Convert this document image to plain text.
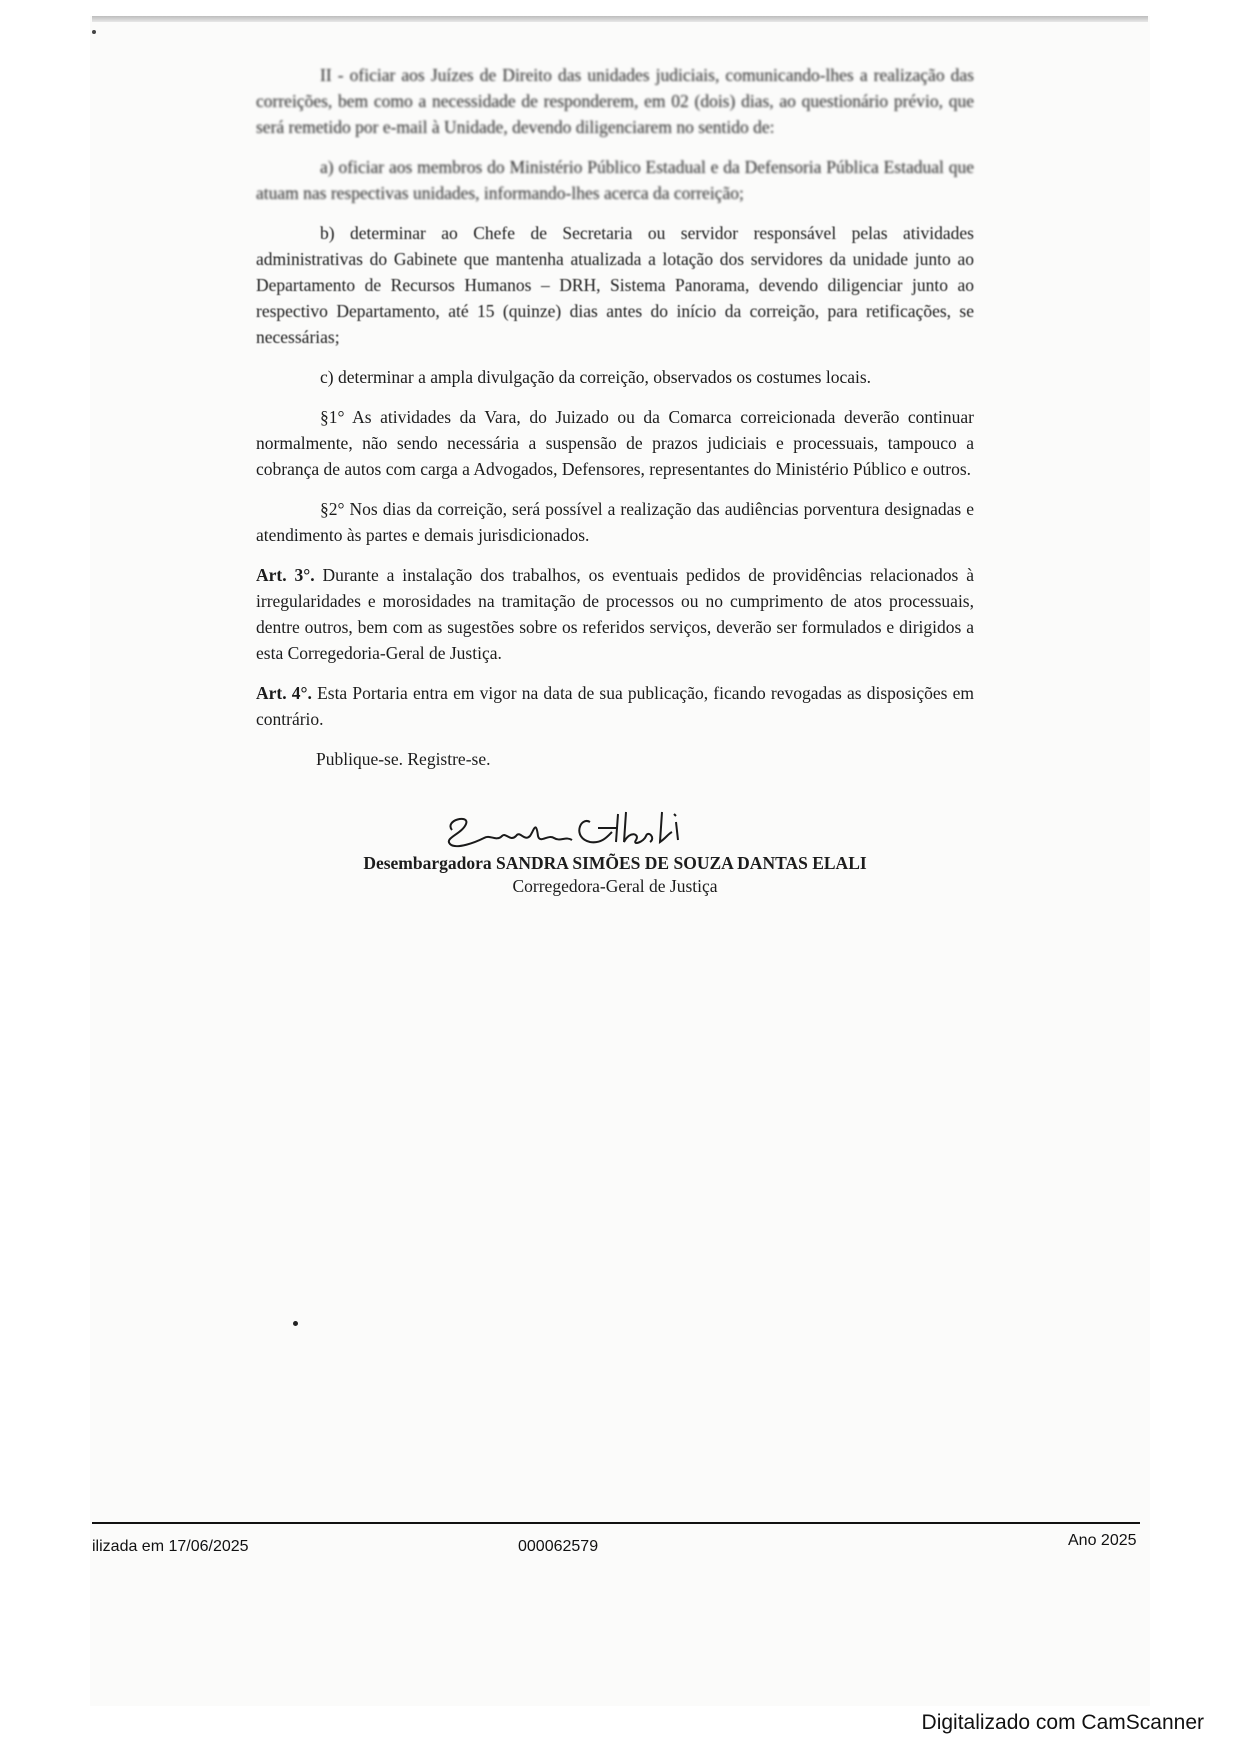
II - oficiar aos Juízes de Direito das unidades judiciais, comunicando-lhes a realização das correições, bem como a necessidade de responderem, em 02 (dois) dias, ao questionário prévio, que será remetido por e-mail à Unidade, devendo diligenciarem no sentido de:

a) oficiar aos membros do Ministério Público Estadual e da Defensoria Pública Estadual que atuam nas respectivas unidades, informando-lhes acerca da correição;

b) determinar ao Chefe de Secretaria ou servidor responsável pelas atividades administrativas do Gabinete que mantenha atualizada a lotação dos servidores da unidade junto ao Departamento de Recursos Humanos – DRH, Sistema Panorama, devendo diligenciar junto ao respectivo Departamento, até 15 (quinze) dias antes do início da correição, para retificações, se necessárias;

c) determinar a ampla divulgação da correição, observados os costumes locais.

§1° As atividades da Vara, do Juizado ou da Comarca correicionada deverão continuar normalmente, não sendo necessária a suspensão de prazos judiciais e processuais, tampouco a cobrança de autos com carga a Advogados, Defensores, representantes do Ministério Público e outros.

§2° Nos dias da correição, será possível a realização das audiências porventura designadas e atendimento às partes e demais jurisdicionados.

Art. 3°. Durante a instalação dos trabalhos, os eventuais pedidos de providências relacionados à irregularidades e morosidades na tramitação de processos ou no cumprimento de atos processuais, dentre outros, bem com as sugestões sobre os referidos serviços, deverão ser formulados e dirigidos a esta Corregedoria-Geral de Justiça.

Art. 4°. Esta Portaria entra em vigor na data de sua publicação, ficando revogadas as disposições em contrário.

Publique-se. Registre-se.

Desembargadora SANDRA SIMÕES DE SOUZA DANTAS ELALI
Corregedora-Geral de Justiça
ilizada em 17/06/2025	000062579	Ano 2025
Digitalizado com CamScanner
